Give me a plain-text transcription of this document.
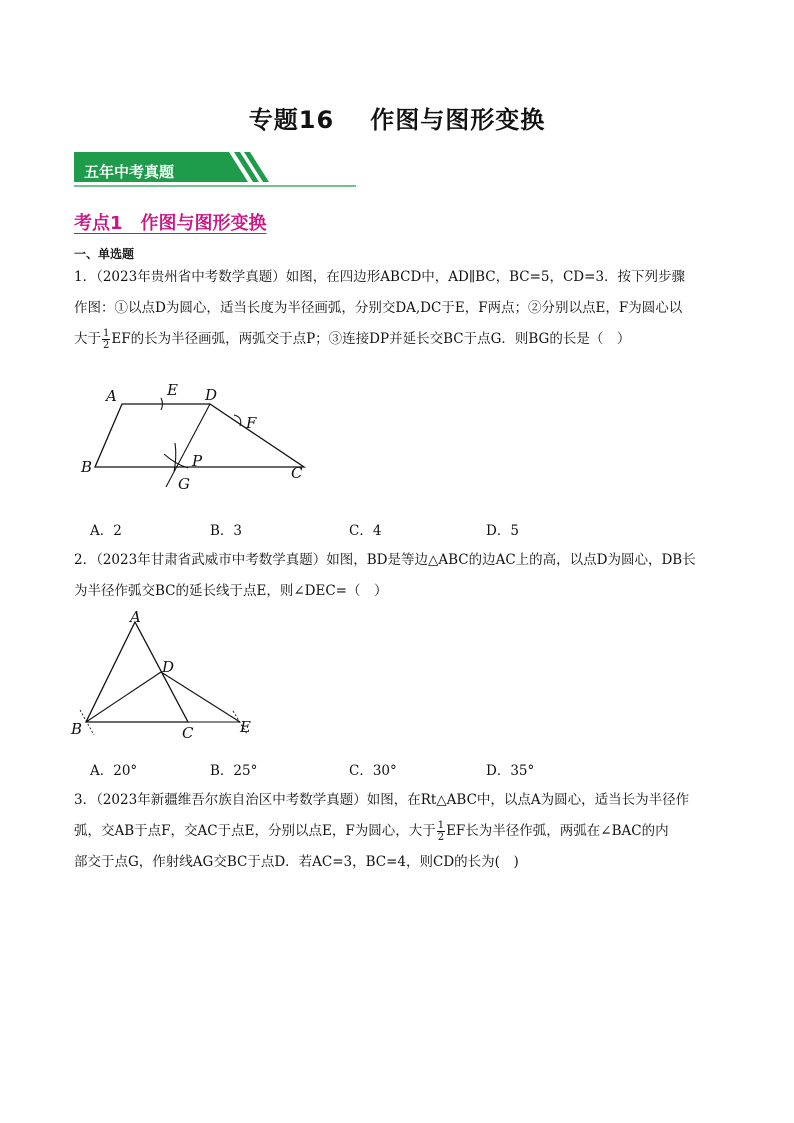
专题16 作图与图形变换
五年中考真题
考点1　作图与图形变换
一、单选题
1．（2023年贵州省中考数学真题）如图，在四边形ABCD中，AD∥BC，BC=5，CD=3．按下列步骤
作图：①以点D为圆心，适当长度为半径画弧，分别交DA,DC于E，F两点；②分别以点E，F为圆心以
大于 $\frac{1}{2}$ EF的长为半径画弧，两弧交于点P；③连接DP并延长交BC于点G．则BG的长是（　）
A	E D
F
B	P
G
C
A．2	B．3	C．4	D．5
2．（2023年甘肃省武威市中考数学真题）如图，BD是等边△ABC的边AC上的高，以点D为圆心，DB长
为半径作弧交BC的延长线于点E，则∠DEC=（　）
A
D
B	C	E
A．20°	B．25°	C．30°	D．35°
3．（2023年新疆维吾尔族自治区中考数学真题）如图，在Rt△ABC中，以点A为圆心，适当长为半径作
弧，交AB于点F，交AC于点E，分别以点E，F为圆心，大于 $\frac{1}{2}$ EF长为半径作弧，两弧在∠BAC的内
部交于点G，作射线AG交BC于点D．若AC=3，BC=4，则CD的长为(　)
